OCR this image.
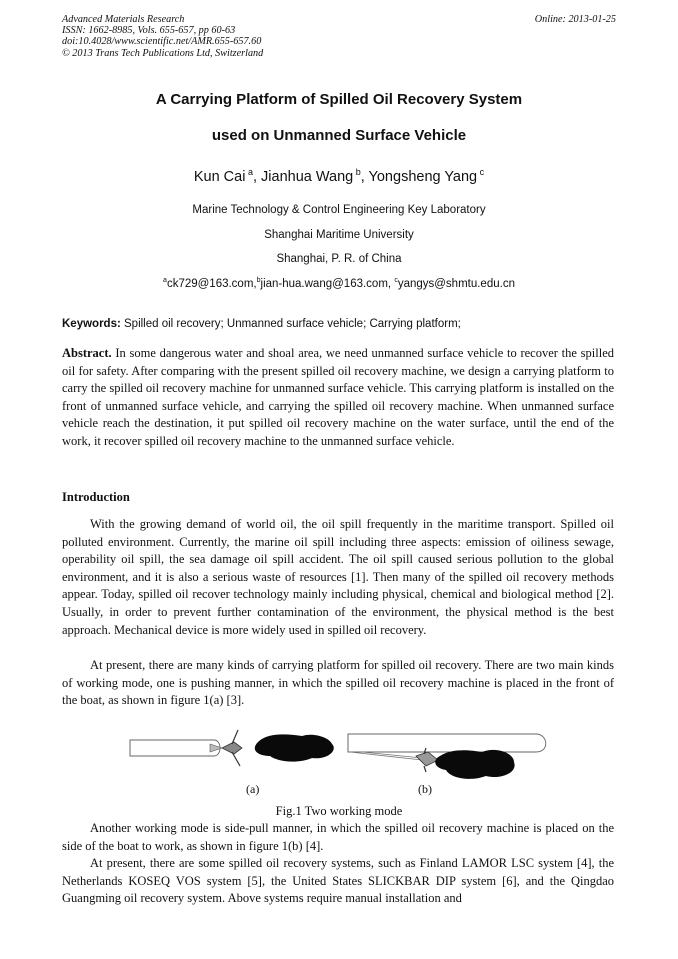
Advanced Materials Research
ISSN: 1662-8985, Vols. 655-657, pp 60-63
doi:10.4028/www.scientific.net/AMR.655-657.60
© 2013 Trans Tech Publications Ltd, Switzerland
Online: 2013-01-25
A Carrying Platform of Spilled Oil Recovery System
used on Unmanned Surface Vehicle
Kun Cai $^a$, Jianhua Wang $^b$, Yongsheng Yang $^c$
Marine Technology & Control Engineering Key Laboratory
Shanghai Maritime University
Shanghai, P. R. of China
$^a$ck729@163.com,$^b$jian-hua.wang@163.com, $^c$yangys@shmtu.edu.cn
Keywords: Spilled oil recovery; Unmanned surface vehicle; Carrying platform;

Abstract. In some dangerous water and shoal area, we need unmanned surface vehicle to recover the spilled oil for safety. After comparing with the present spilled oil recovery machine, we design a carrying platform to carry the spilled oil recovery machine for unmanned surface vehicle. This carrying platform is installed on the front of unmanned surface vehicle, and carrying the spilled oil recovery machine. When unmanned surface vehicle reach the destination, it put spilled oil recovery machine on the water surface, until the end of the work, it recover spilled oil recovery machine to the unmanned surface vehicle.

Introduction

With the growing demand of world oil, the oil spill frequently in the maritime transport. Spilled oil polluted environment. Currently, the marine oil spill including three aspects: emission of oiliness sewage, operability oil spill, the sea damage oil spill accident. The oil spill caused serious pollution to the global environment, and it is also a serious waste of resources [1]. Then many of the spilled oil recovery methods appear. Today, spilled oil recover technology mainly including physical, chemical and biological method [2]. Usually, in order to prevent further contamination of the environment, the physical method is the best approach. Mechanical device is more widely used in spilled oil recovery.

At present, there are many kinds of carrying platform for spilled oil recovery. There are two main kinds of working mode, one is pushing manner, in which the spilled oil recovery machine is placed in the front of the boat, as shown in figure 1(a) [3].

(a)	(b)
Fig.1 Two working mode

Another working mode is side-pull manner, in which the spilled oil recovery machine is placed on the side of the boat to work, as shown in figure 1(b) [4].

At present, there are some spilled oil recovery systems, such as Finland LAMOR LSC system [4], the Netherlands KOSEQ VOS system [5], the United States SLICKBAR DIP system [6], and the Qingdao Guangming oil recovery system. Above systems require manual installation and
